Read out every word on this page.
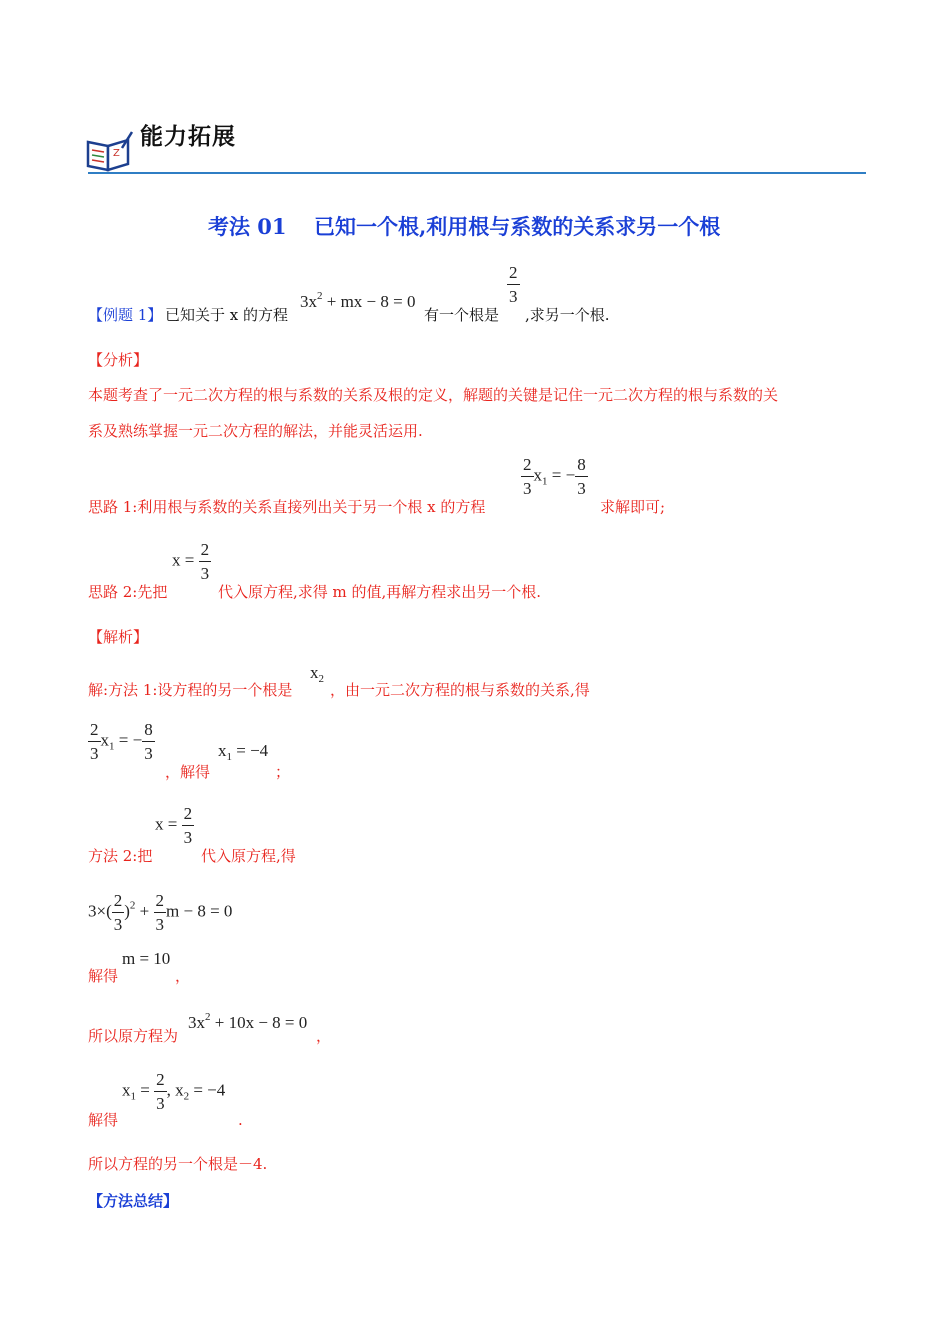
Z
能力拓展
考法 01 已知一个根,利用根与系数的关系求另一个根
【例题 1】 已知关于 x 的方程
$3x^2$ + mx − 8 = 0
有一个根是
$\frac{2}{3}$
,求另一个根.
【分析】
本题考查了一元二次方程的根与系数的关系及根的定义，解题的关键是记住一元二次方程的根与系数的关
系及熟练掌握一元二次方程的解法，并能灵活运用.
思路 1:利用根与系数的关系直接列出关于另一个根 x 的方程
$\frac{2}{3} x_1$ = − $\frac{8}{3}$
求解即可;
思路 2:先把
$x = \frac{2}{3}$
代入原方程,求得 m 的值,再解方程求出另一个根.
【解析】
解:方法 1:设方程的另一个根是
$x_2$
，由一元二次方程的根与系数的关系,得
$\frac{2}{3} x_1$ = − $\frac{8}{3}$
，解得
$x_1 = -4$
；
方法 2:把
$x = \frac{2}{3}$
代入原方程,得
$3\times( \frac{2}{3} )^2 + \frac{2}{3}$ m − 8 = 0
m = 10
解得	，
所以原方程为
$3x^2 + 10x - 8 = 0$
，
$x_1 = \frac{2}{3}$ , $x_2 = -4$
解得	.
所以方程的另一个根是－4.
【方法总结】
